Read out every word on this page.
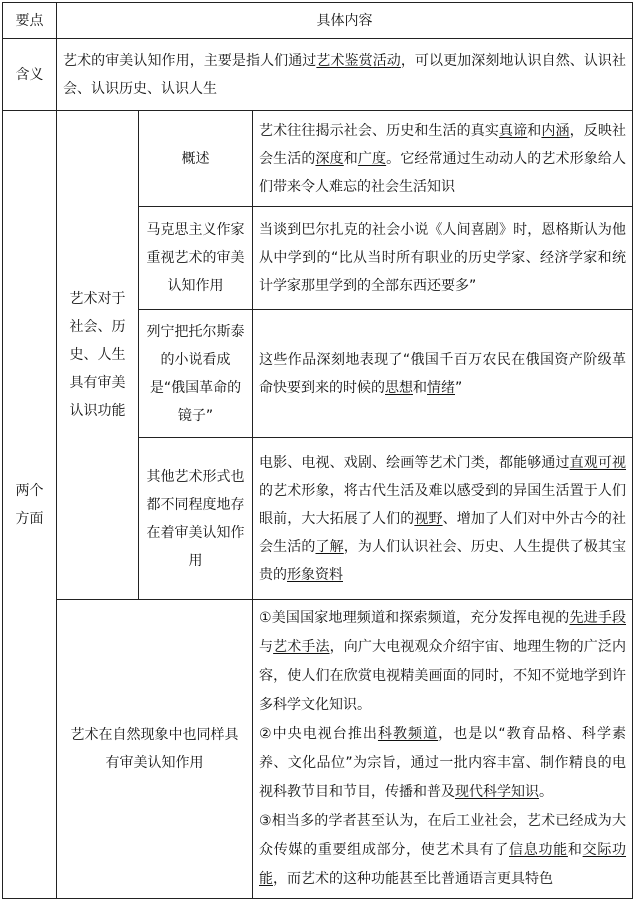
要点	具体内容		
含义	艺术的审美认知作用，主要是指人们通过艺术鉴赏活动，可以更加深刻地认识自然、认识社会、认识历史、认识人生		

两个方面	艺术对于社会、历史、人生具有审美认识功能	概述	艺术往往揭示社会、历史和生活的真实真谛和内涵，反映社会生活的深度和广度。它经常通过生动动人的艺术形象给人们带来令人难忘的社会生活知识
		马克思主义作家重视艺术的审美认知作用	当谈到巴尔扎克的社会小说《人间喜剧》时，恩格斯认为他从中学到的“比从当时所有职业的历史学家、经济学家和统计学家那里学到的全部东西还要多”
		列宁把托尔斯泰的小说看成是“俄国革命的镜子”	这些作品深刻地表现了“俄国千百万农民在俄国资产阶级革命快要到来的时候的思想和情绪”
		其他艺术形式也都不同程度地存在着审美认知作用	电影、电视、戏剧、绘画等艺术门类，都能够通过直观可视的艺术形象，将古代生活及难以感受到的异国生活置于人们眼前，大大拓展了人们的视野、增加了人们对中外古今的社会生活的了解，为人们认识社会、历史、人生提供了极其宝贵的形象资料
	艺术在自然现象中也同样具有审美认知作用		①美国国家地理频道和探索频道，充分发挥电视的先进手段与艺术手法，向广大电视观众介绍宇宙、地理生物的广泛内容，使人们在欣赏电视精美画面的同时，不知不觉地学到许多科学文化知识。
②中央电视台推出科教频道，也是以“教育品格、科学素养、文化品位”为宗旨，通过一批内容丰富、制作精良的电视科教节目和节目，传播和普及现代科学知识。
③相当多的学者甚至认为，在后工业社会，艺术已经成为大众传媒的重要组成部分，使艺术具有了信息功能和交际功能，而艺术的这种功能甚至比普通语言更具特色
